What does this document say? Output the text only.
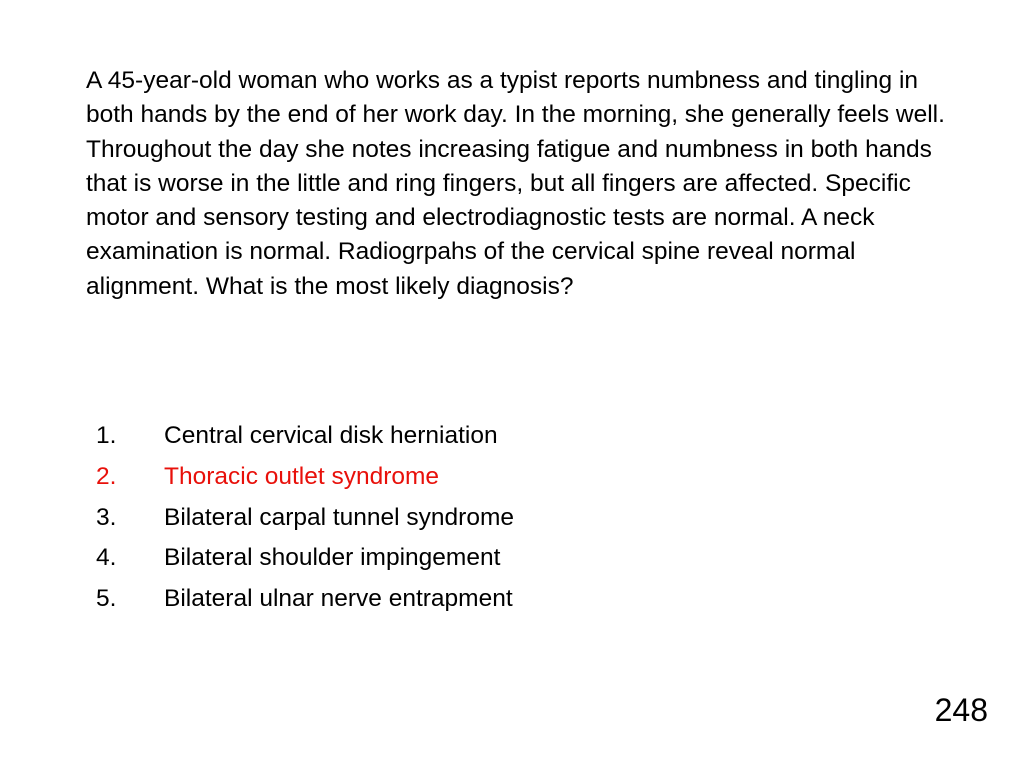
A 45-year-old woman who works as a typist reports numbness and tingling in both hands by the end of her work day. In the morning, she generally feels well. Throughout the day she notes increasing fatigue and numbness in both hands that is worse in the little and ring fingers, but all fingers are affected. Specific motor and sensory testing and electrodiagnostic tests are normal. A neck examination is normal. Radiogrpahs of the cervical spine reveal normal alignment. What is the most likely diagnosis?

1.	Central cervical disk herniation
2.	Thoracic outlet syndrome
3.	Bilateral carpal tunnel syndrome
4.	Bilateral shoulder impingement
5.	Bilateral ulnar nerve entrapment
248
